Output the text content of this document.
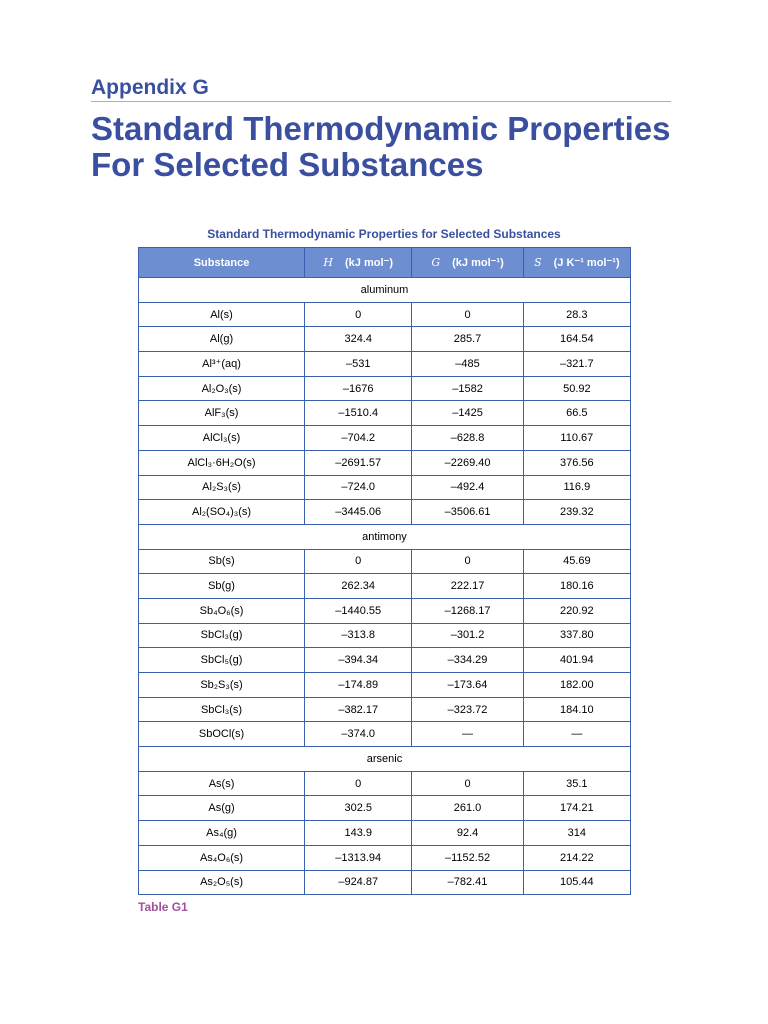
Appendix G
Standard Thermodynamic Properties For Selected Substances
Standard Thermodynamic Properties for Selected Substances
Substance	H (kJ mol⁻)	G (kJ mol⁻¹)	S (J K⁻¹ mol⁻¹)
aluminum			
Al(s)	0	0	28.3
Al(g)	324.4	285.7	164.54
Al³⁺(aq)	–531	–485	–321.7
Al₂O₃(s)	–1676	–1582	50.92
AlF₃(s)	–1510.4	–1425	66.5
AlCl₃(s)	–704.2	–628.8	110.67
AlCl₃·6H₂O(s)	–2691.57	–2269.40	376.56
Al₂S₃(s)	–724.0	–492.4	116.9
Al₂(SO₄)₃(s)	–3445.06	–3506.61	239.32
antimony			
Sb(s)	0	0	45.69
Sb(g)	262.34	222.17	180.16
Sb₄O₆(s)	–1440.55	–1268.17	220.92
SbCl₃(g)	–313.8	–301.2	337.80
SbCl₅(g)	–394.34	–334.29	401.94
Sb₂S₃(s)	–174.89	–173.64	182.00
SbCl₃(s)	–382.17	–323.72	184.10
SbOCl(s)	–374.0	—	—
arsenic			
As(s)	0	0	35.1
As(g)	302.5	261.0	174.21
As₄(g)	143.9	92.4	314
As₄O₆(s)	–1313.94	–1152.52	214.22
As₂O₅(s)	–924.87	–782.41	105.44
Table G1
